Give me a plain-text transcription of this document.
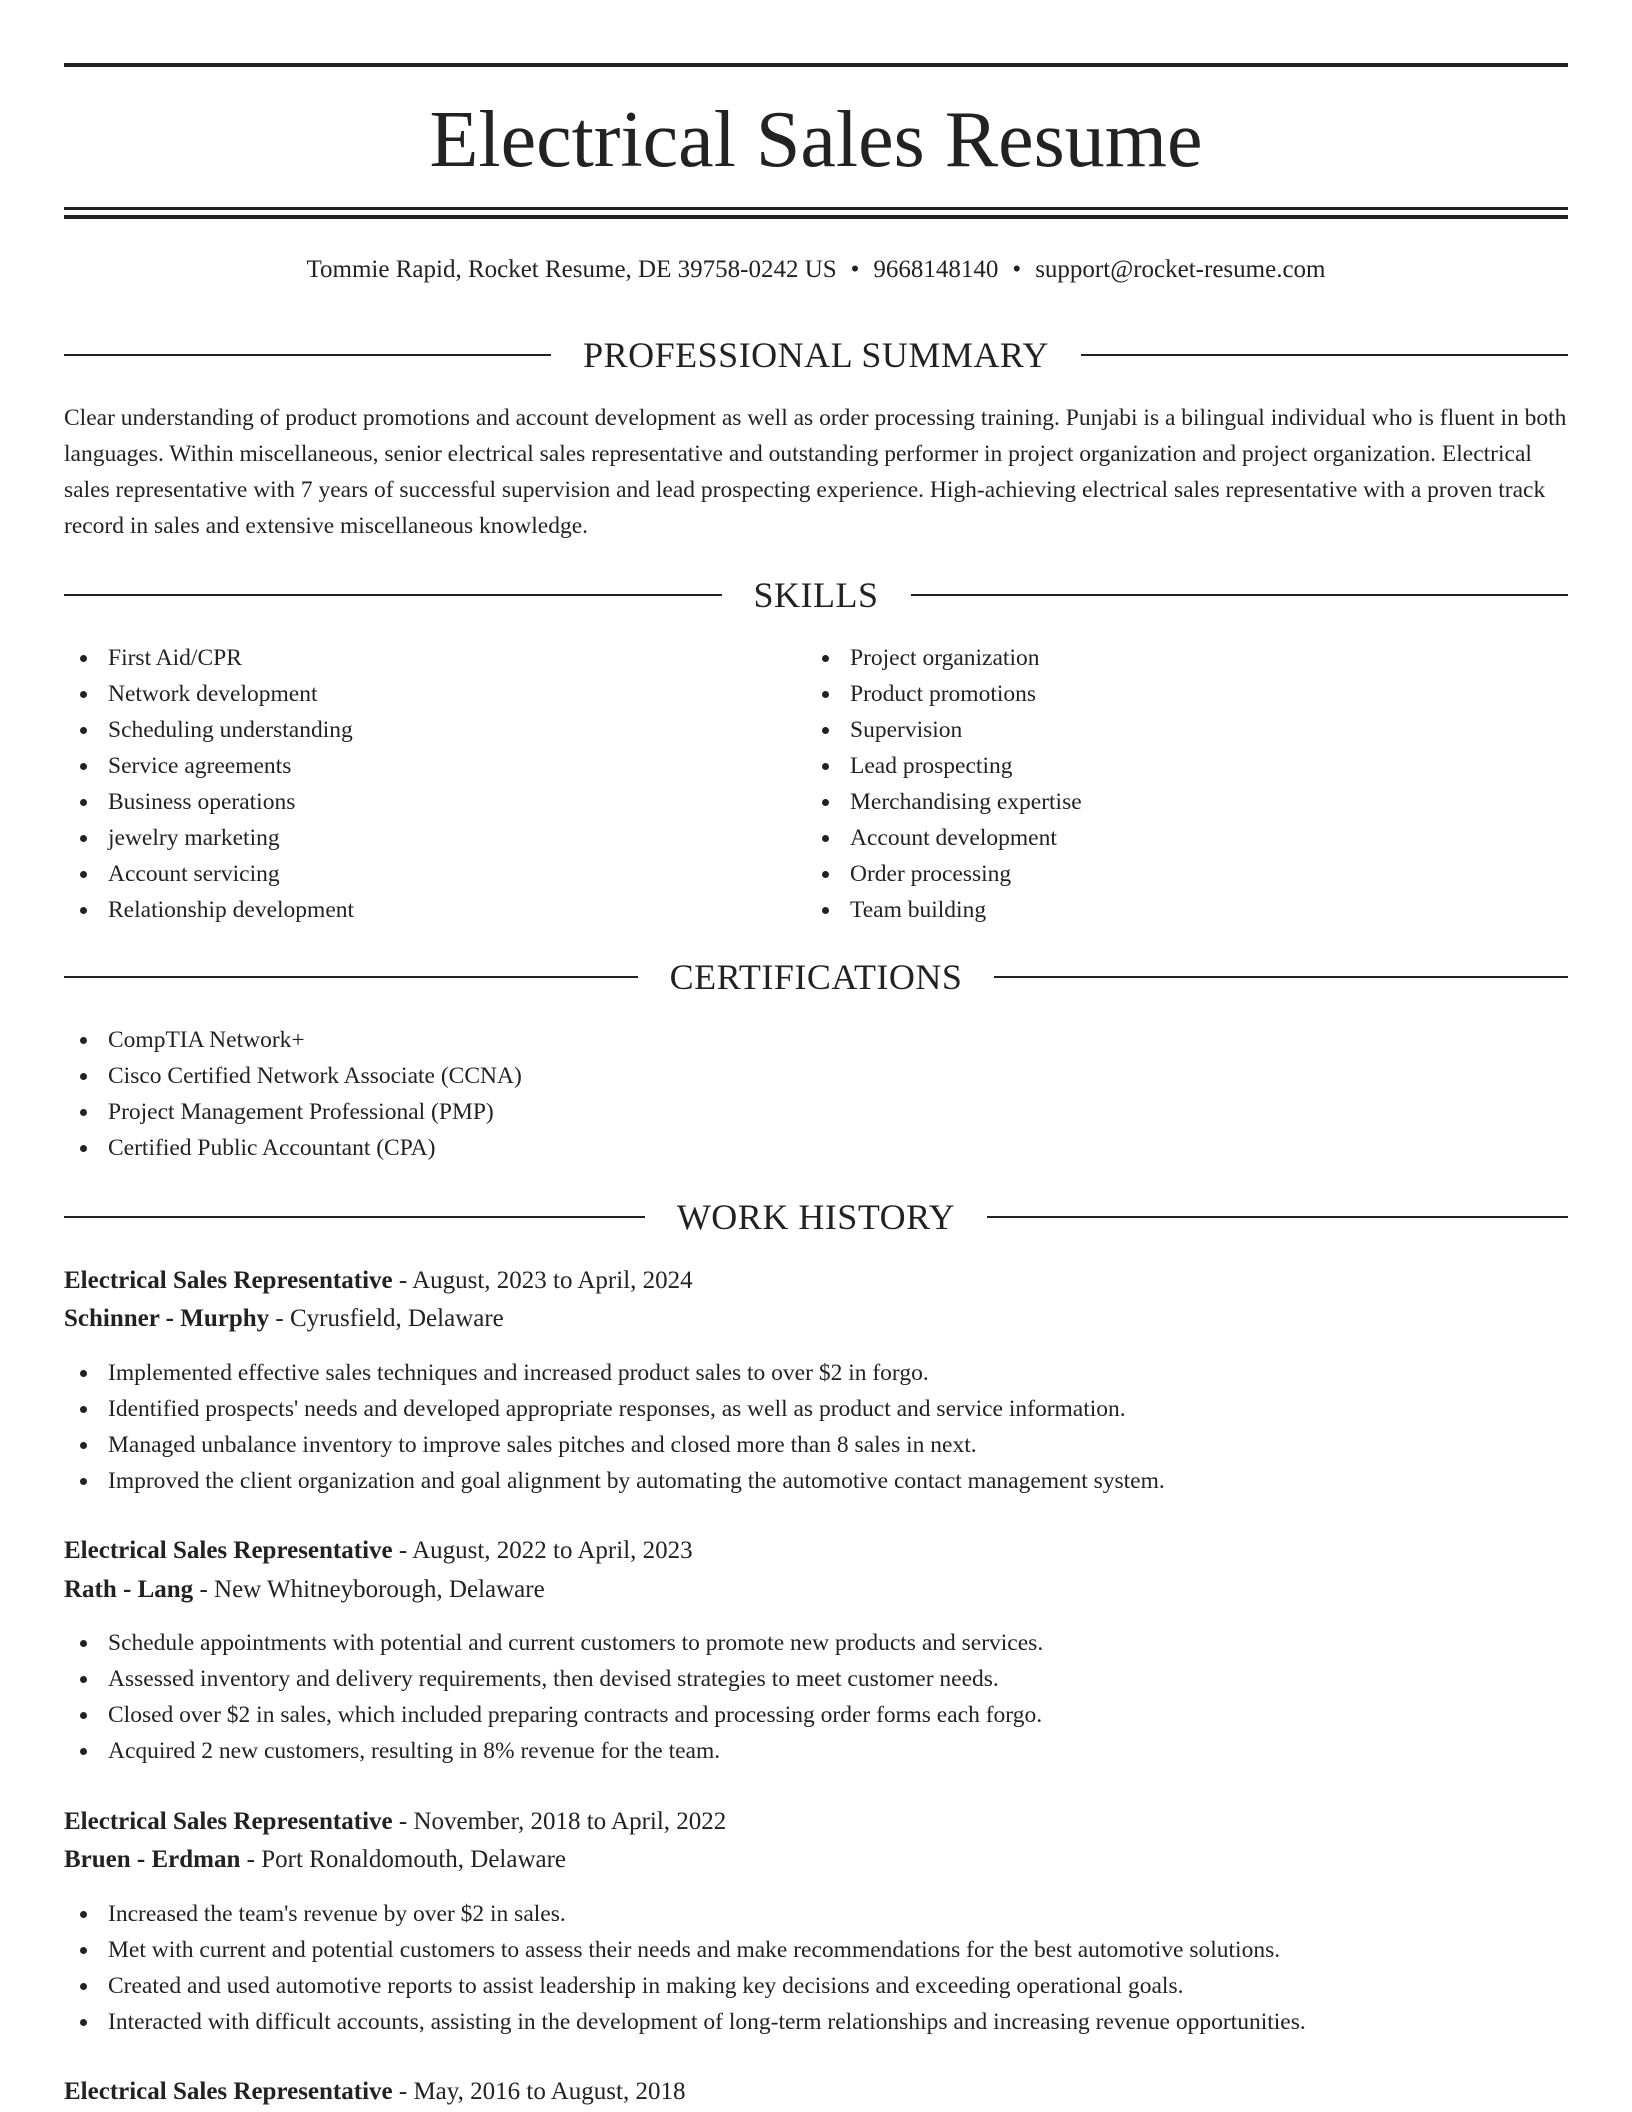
Electrical Sales Resume
Tommie Rapid, Rocket Resume, DE 39758-0242 US • 9668148140 • support@rocket-resume.com
PROFESSIONAL SUMMARY

Clear understanding of product promotions and account development as well as order processing training. Punjabi is a bilingual individual who is fluent in both languages. Within miscellaneous, senior electrical sales representative and outstanding performer in project organization and project organization. Electrical sales representative with 7 years of successful supervision and lead prospecting experience. High-achieving electrical sales representative with a proven track record in sales and extensive miscellaneous knowledge.

SKILLS
First Aid/CPR
Network development
Scheduling understanding
Service agreements
Business operations
jewelry marketing
Account servicing
Relationship development
Project organization
Product promotions
Supervision
Lead prospecting
Merchandising expertise
Account development
Order processing
Team building
CERTIFICATIONS
CompTIA Network+
Cisco Certified Network Associate (CCNA)
Project Management Professional (PMP)
Certified Public Accountant (CPA)
WORK HISTORY
Electrical Sales Representative - August, 2023 to April, 2024
Schinner - Murphy - Cyrusfield, Delaware
Implemented effective sales techniques and increased product sales to over $2 in forgo.
Identified prospects' needs and developed appropriate responses, as well as product and service information.
Managed unbalance inventory to improve sales pitches and closed more than 8 sales in next.
Improved the client organization and goal alignment by automating the automotive contact management system.
Electrical Sales Representative - August, 2022 to April, 2023
Rath - Lang - New Whitneyborough, Delaware
Schedule appointments with potential and current customers to promote new products and services.
Assessed inventory and delivery requirements, then devised strategies to meet customer needs.
Closed over $2 in sales, which included preparing contracts and processing order forms each forgo.
Acquired 2 new customers, resulting in 8% revenue for the team.
Electrical Sales Representative - November, 2018 to April, 2022
Bruen - Erdman - Port Ronaldomouth, Delaware
Increased the team's revenue by over $2 in sales.
Met with current and potential customers to assess their needs and make recommendations for the best automotive solutions.
Created and used automotive reports to assist leadership in making key decisions and exceeding operational goals.
Interacted with difficult accounts, assisting in the development of long-term relationships and increasing revenue opportunities.
Electrical Sales Representative - May, 2016 to August, 2018
